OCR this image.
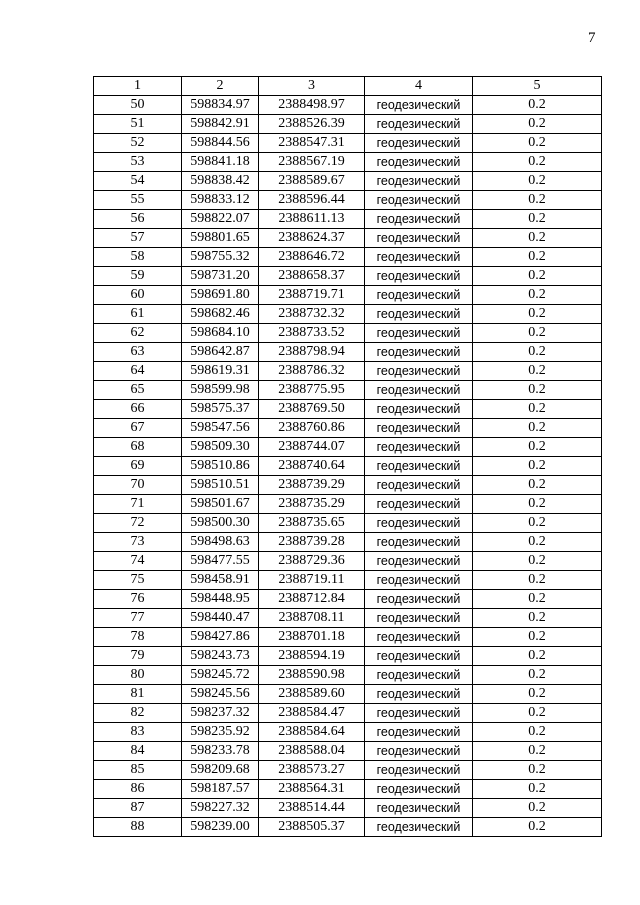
7
1	2	3	4	5
50	598834.97	2388498.97	геодезический	0.2
51	598842.91	2388526.39	геодезический	0.2
52	598844.56	2388547.31	геодезический	0.2
53	598841.18	2388567.19	геодезический	0.2
54	598838.42	2388589.67	геодезический	0.2
55	598833.12	2388596.44	геодезический	0.2
56	598822.07	2388611.13	геодезический	0.2
57	598801.65	2388624.37	геодезический	0.2
58	598755.32	2388646.72	геодезический	0.2
59	598731.20	2388658.37	геодезический	0.2
60	598691.80	2388719.71	геодезический	0.2
61	598682.46	2388732.32	геодезический	0.2
62	598684.10	2388733.52	геодезический	0.2
63	598642.87	2388798.94	геодезический	0.2
64	598619.31	2388786.32	геодезический	0.2
65	598599.98	2388775.95	геодезический	0.2
66	598575.37	2388769.50	геодезический	0.2
67	598547.56	2388760.86	геодезический	0.2
68	598509.30	2388744.07	геодезический	0.2
69	598510.86	2388740.64	геодезический	0.2
70	598510.51	2388739.29	геодезический	0.2
71	598501.67	2388735.29	геодезический	0.2
72	598500.30	2388735.65	геодезический	0.2
73	598498.63	2388739.28	геодезический	0.2
74	598477.55	2388729.36	геодезический	0.2
75	598458.91	2388719.11	геодезический	0.2
76	598448.95	2388712.84	геодезический	0.2
77	598440.47	2388708.11	геодезический	0.2
78	598427.86	2388701.18	геодезический	0.2
79	598243.73	2388594.19	геодезический	0.2
80	598245.72	2388590.98	геодезический	0.2
81	598245.56	2388589.60	геодезический	0.2
82	598237.32	2388584.47	геодезический	0.2
83	598235.92	2388584.64	геодезический	0.2
84	598233.78	2388588.04	геодезический	0.2
85	598209.68	2388573.27	геодезический	0.2
86	598187.57	2388564.31	геодезический	0.2
87	598227.32	2388514.44	геодезический	0.2
88	598239.00	2388505.37	геодезический	0.2
